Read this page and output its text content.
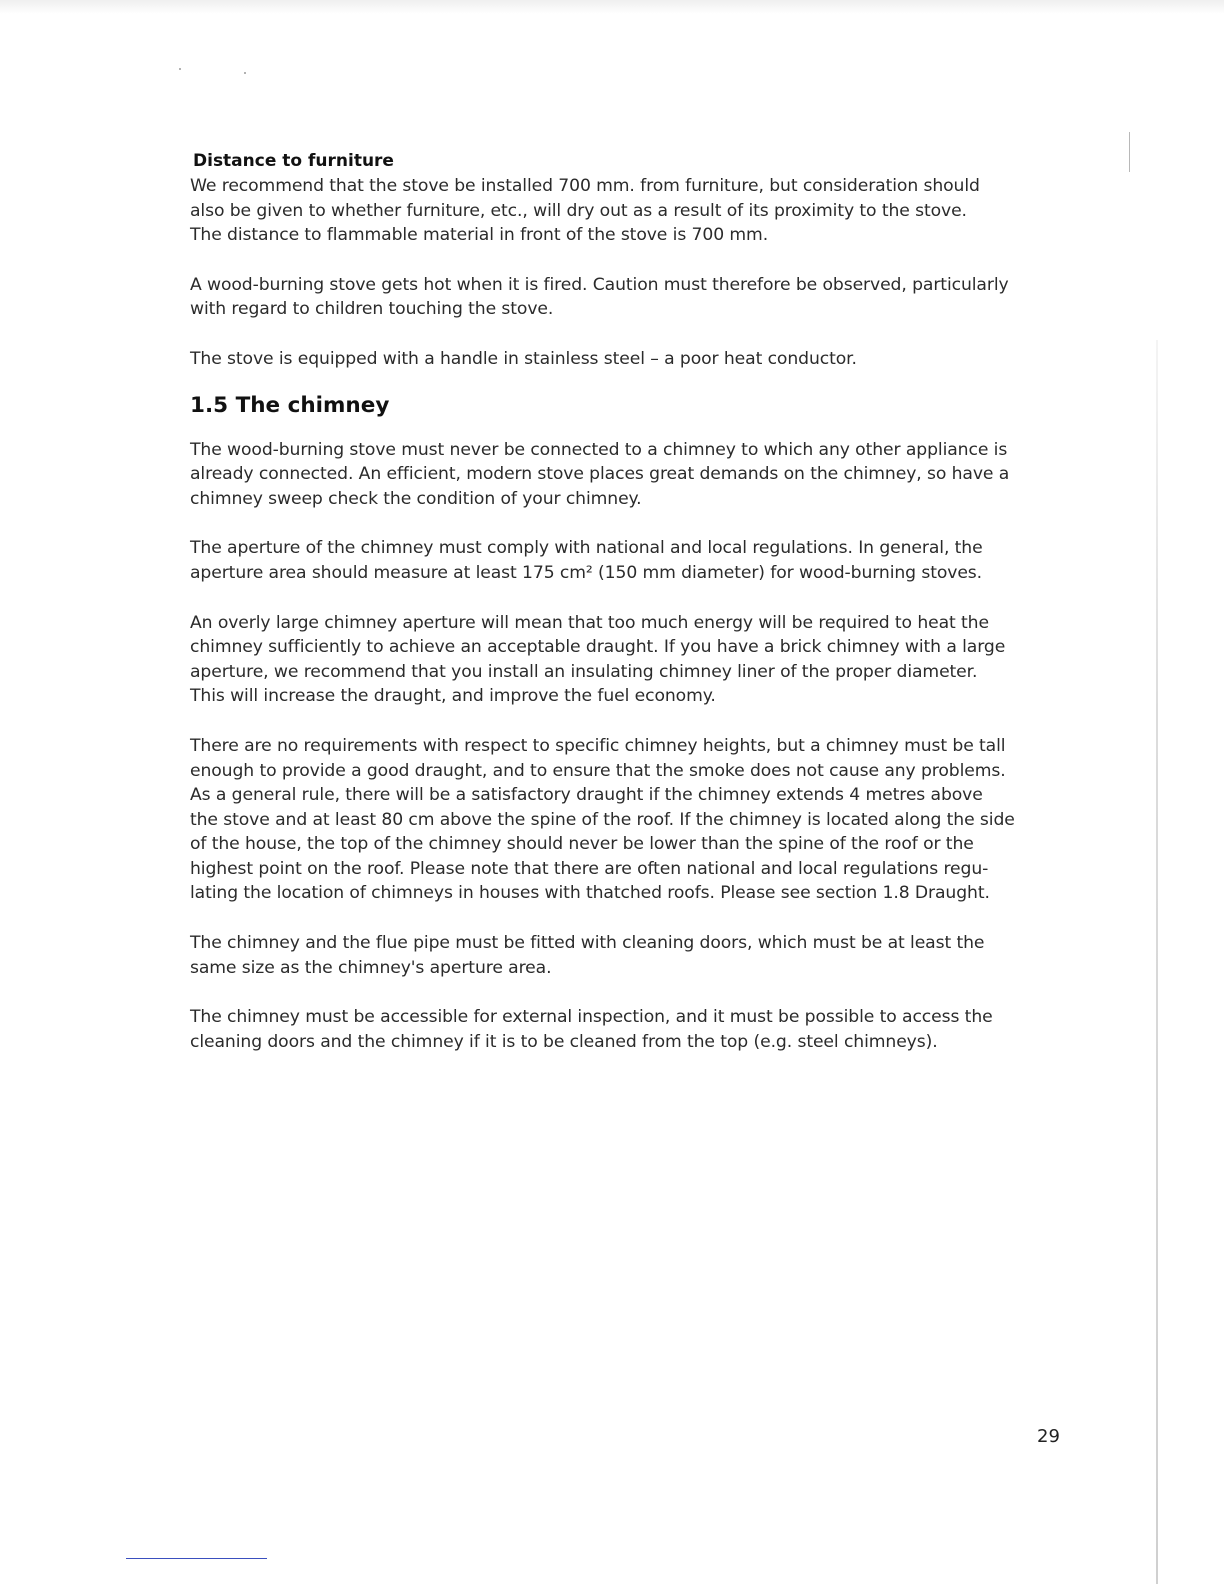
Distance to furniture

We recommend that the stove be installed 700 mm. from furniture, but consideration should
also be given to whether furniture, etc., will dry out as a result of its proximity to the stove.
The distance to flammable material in front of the stove is 700 mm.

A wood-burning stove gets hot when it is fired. Caution must therefore be observed, particularly
with regard to children touching the stove.

The stove is equipped with a handle in stainless steel – a poor heat conductor.

1.5 The chimney

The wood-burning stove must never be connected to a chimney to which any other appliance is
already connected. An efficient, modern stove places great demands on the chimney, so have a
chimney sweep check the condition of your chimney.

The aperture of the chimney must comply with national and local regulations. In general, the
aperture area should measure at least 175 cm² (150 mm diameter) for wood-burning stoves.

An overly large chimney aperture will mean that too much energy will be required to heat the
chimney sufficiently to achieve an acceptable draught. If you have a brick chimney with a large
aperture, we recommend that you install an insulating chimney liner of the proper diameter.
This will increase the draught, and improve the fuel economy.

There are no requirements with respect to specific chimney heights, but a chimney must be tall
enough to provide a good draught, and to ensure that the smoke does not cause any problems.
As a general rule, there will be a satisfactory draught if the chimney extends 4 metres above
the stove and at least 80 cm above the spine of the roof. If the chimney is located along the side
of the house, the top of the chimney should never be lower than the spine of the roof or the
highest point on the roof. Please note that there are often national and local regulations regu-
lating the location of chimneys in houses with thatched roofs. Please see section 1.8 Draught.

The chimney and the flue pipe must be fitted with cleaning doors, which must be at least the
same size as the chimney's aperture area.

The chimney must be accessible for external inspection, and it must be possible to access the
cleaning doors and the chimney if it is to be cleaned from the top (e.g. steel chimneys).

29
